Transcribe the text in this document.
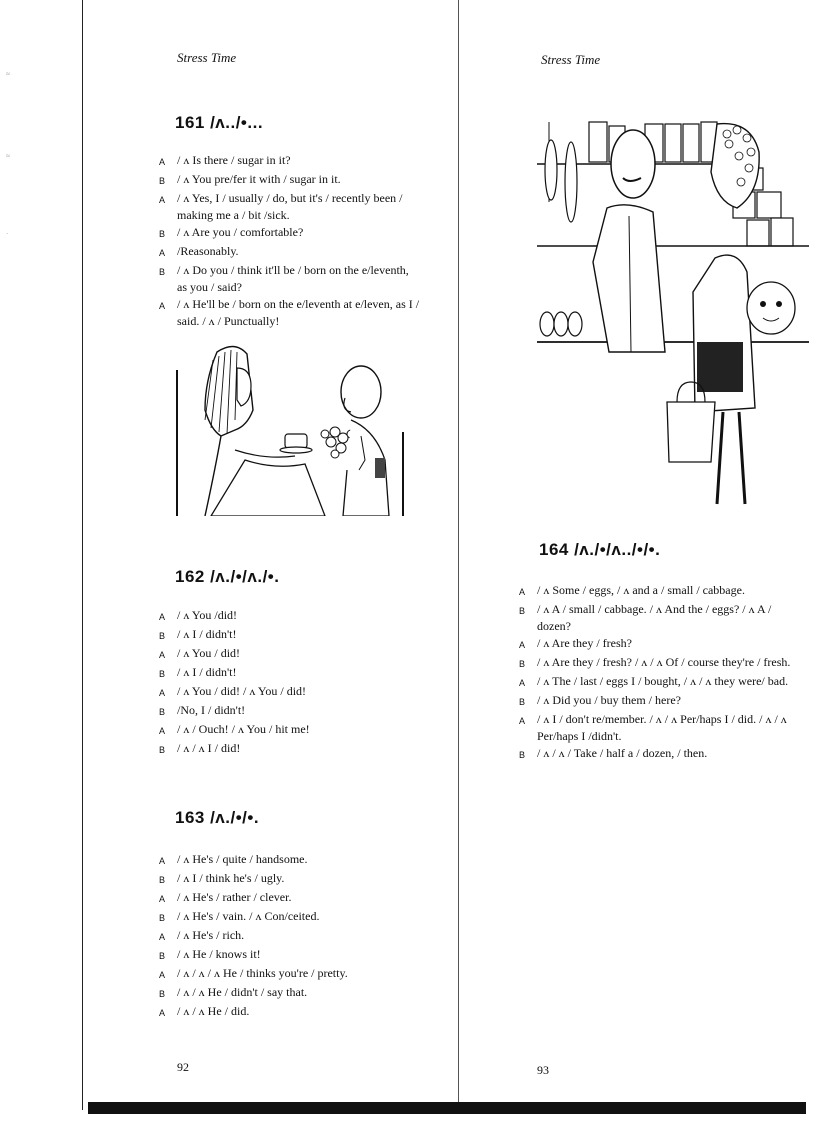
≈
≈
·
Stress Time
161 /ʌ../•...
A / ʌ Is there / sugar in it?
B / ʌ You pre/fer it with / sugar in it.
A / ʌ Yes, I / usually / do, but it's / recently been / making me a / bit /sick.
B / ʌ Are you / comfortable?
A /Reasonably.
B / ʌ Do you / think it'll be / born on the e/leventh, as you / said?
A / ʌ He'll be / born on the e/leventh at e/leven, as I / said. / ʌ / Punctually!
162 /ʌ./•/ʌ./•.
A / ʌ You /did!
B / ʌ I / didn't!
A / ʌ You / did!
B / ʌ I / didn't!
A / ʌ You / did! / ʌ You / did!
B /No, I / didn't!
A / ʌ / Ouch! / ʌ You / hit me!
B / ʌ / ʌ I / did!
163 /ʌ./•/•.
A / ʌ He's / quite / handsome.
B / ʌ I / think he's / ugly.
A / ʌ He's / rather / clever.
B / ʌ He's / vain. / ʌ Con/ceited.
A / ʌ He's / rich.
B / ʌ He / knows it!
A / ʌ / ʌ / ʌ He / thinks you're / pretty.
B / ʌ / ʌ He / didn't / say that.
A / ʌ / ʌ He / did.
92
Stress Time
164 /ʌ./•/ʌ../•/•.
A / ʌ Some / eggs, / ʌ and a / small / cabbage.
B / ʌ A / small / cabbage. / ʌ And the / eggs? / ʌ A / dozen?
A / ʌ Are they / fresh?
B / ʌ Are they / fresh? / ʌ / ʌ Of / course they're / fresh.
A / ʌ The / last / eggs I / bought, / ʌ / ʌ they were/ bad.
B / ʌ Did you / buy them / here?
A / ʌ I / don't re/member. / ʌ / ʌ Per/haps I / did. / ʌ / ʌ Per/haps I /didn't.
B / ʌ / ʌ / Take / half a / dozen, / then.
93
